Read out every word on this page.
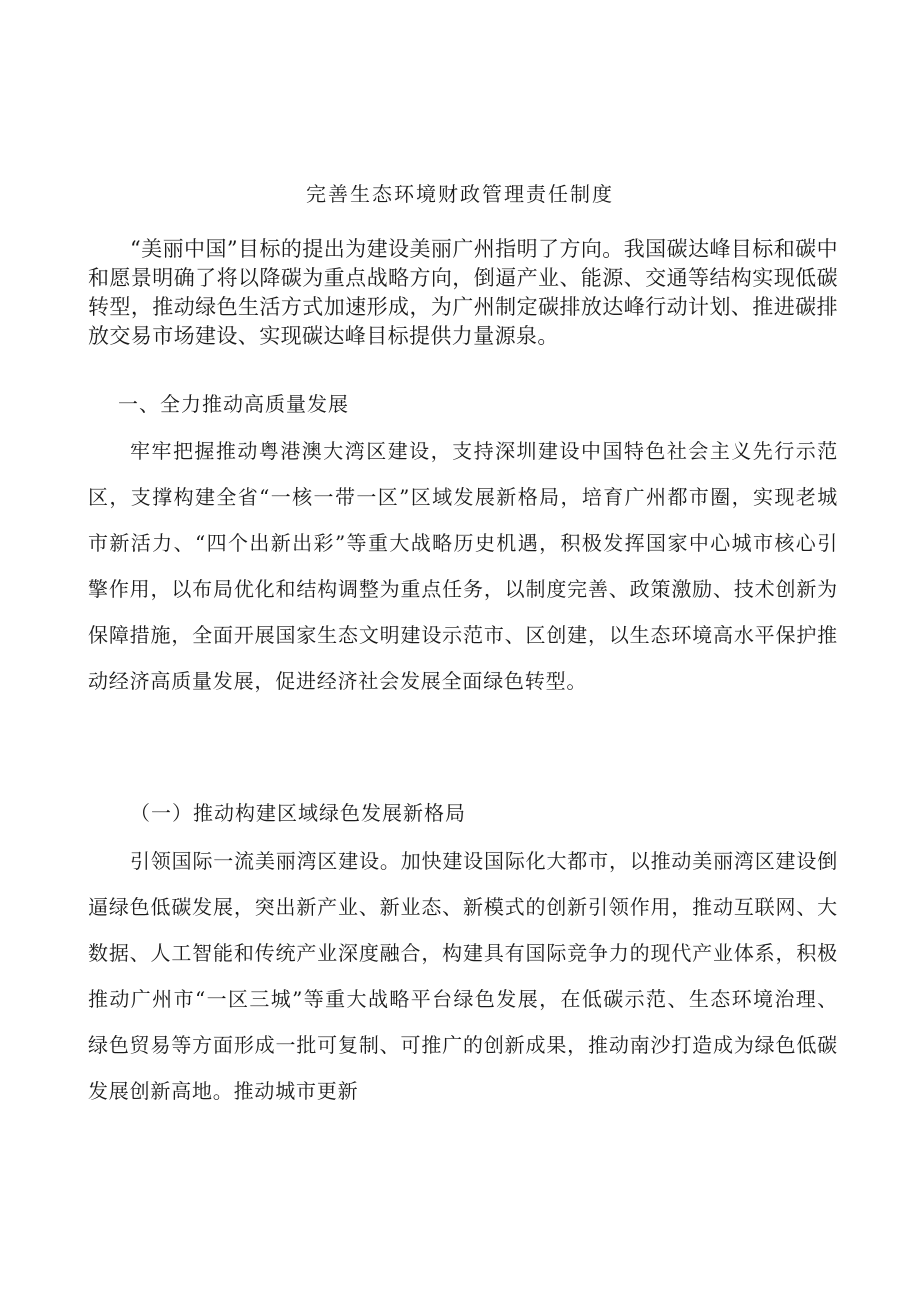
完善生态环境财政管理责任制度

“美丽中国”目标的提出为建设美丽广州指明了方向。我国碳达峰目标和碳中和愿景明确了将以降碳为重点战略方向，倒逼产业、能源、交通等结构实现低碳转型，推动绿色生活方式加速形成，为广州制定碳排放达峰行动计划、推进碳排放交易市场建设、实现碳达峰目标提供力量源泉。

一、全力推动高质量发展

牢牢把握推动粤港澳大湾区建设，支持深圳建设中国特色社会主义先行示范区，支撑构建全省“一核一带一区”区域发展新格局，培育广州都市圈，实现老城市新活力、“四个出新出彩”等重大战略历史机遇，积极发挥国家中心城市核心引擎作用，以布局优化和结构调整为重点任务，以制度完善、政策激励、技术创新为保障措施，全面开展国家生态文明建设示范市、区创建，以生态环境高水平保护推动经济高质量发展，促进经济社会发展全面绿色转型。

（一）推动构建区域绿色发展新格局

引领国际一流美丽湾区建设。加快建设国际化大都市，以推动美丽湾区建设倒逼绿色低碳发展，突出新产业、新业态、新模式的创新引领作用，推动互联网、大数据、人工智能和传统产业深度融合，构建具有国际竞争力的现代产业体系，积极推动广州市“一区三城”等重大战略平台绿色发展，在低碳示范、生态环境治理、绿色贸易等方面形成一批可复制、可推广的创新成果，推动南沙打造成为绿色低碳发展创新高地。推动城市更新
